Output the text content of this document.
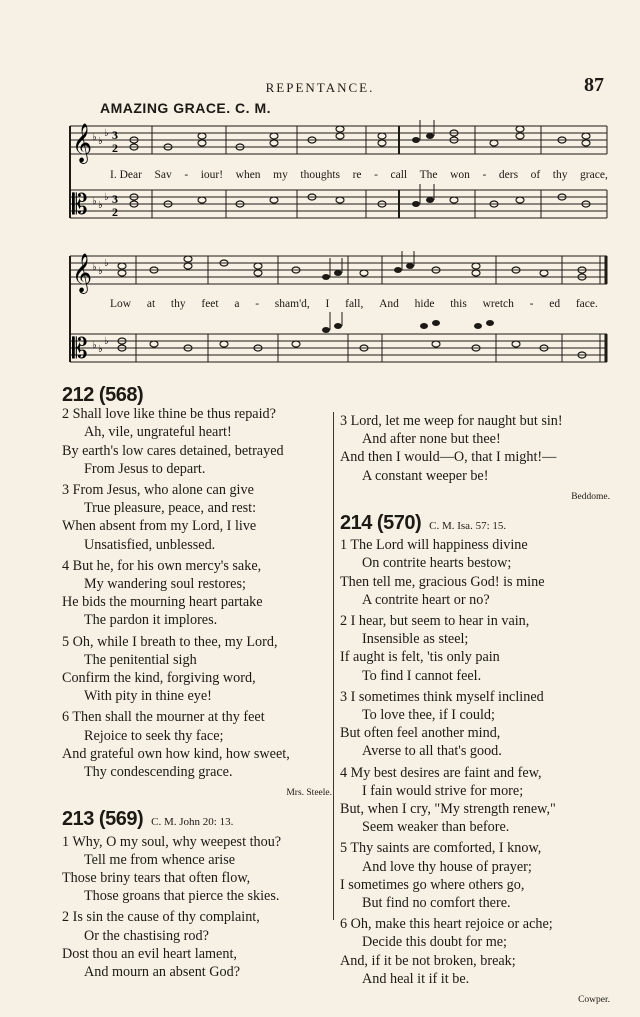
REPENTANCE.	87
AMAZING GRACE. C. M.
𝄞
𝄡
♭ ♭
♭
♭ ♭
♭
3
2
3
2
I. Dear Sav - iour! when my thoughts re - call The won - ders of thy grace,
𝄞
𝄡
♭ ♭
♭
♭ ♭
♭
Low at thy feet a - sham'd, I fall, And hide this wretch - ed face.
212 (568)
2 Shall love like thine be thus repaid?
Ah, vile, ungrateful heart!
By earth's low cares detained, betrayed
From Jesus to depart.
3 From Jesus, who alone can give
True pleasure, peace, and rest:
When absent from my Lord, I live
Unsatisfied, unblessed.
4 But he, for his own mercy's sake,
My wandering soul restores;
He bids the mourning heart partake
The pardon it implores.
5 Oh, while I breath to thee, my Lord,
The penitential sigh
Confirm the kind, forgiving word,
With pity in thine eye!
6 Then shall the mourner at thy feet
Rejoice to seek thy face;
And grateful own how kind, how sweet,
Thy condescending grace.
Mrs. Steele.
213 (569) C. M. John 20: 13.
1 Why, O my soul, why weepest thou?
Tell me from whence arise
Those briny tears that often flow,
Those groans that pierce the skies.
2 Is sin the cause of thy complaint,
Or the chastising rod?
Dost thou an evil heart lament,
And mourn an absent God?
3 Lord, let me weep for naught but sin!
And after none but thee!
And then I would—O, that I might!—
A constant weeper be!
Beddome.
214 (570) C. M. Isa. 57: 15.
1 The Lord will happiness divine
On contrite hearts bestow;
Then tell me, gracious God! is mine
A contrite heart or no?
2 I hear, but seem to hear in vain,
Insensible as steel;
If aught is felt, 'tis only pain
To find I cannot feel.
3 I sometimes think myself inclined
To love thee, if I could;
But often feel another mind,
Averse to all that's good.
4 My best desires are faint and few,
I fain would strive for more;
But, when I cry, "My strength renew,"
Seem weaker than before.
5 Thy saints are comforted, I know,
And love thy house of prayer;
I sometimes go where others go,
But find no comfort there.
6 Oh, make this heart rejoice or ache;
Decide this doubt for me;
And, if it be not broken, break;
And heal it if it be.
Cowper.
